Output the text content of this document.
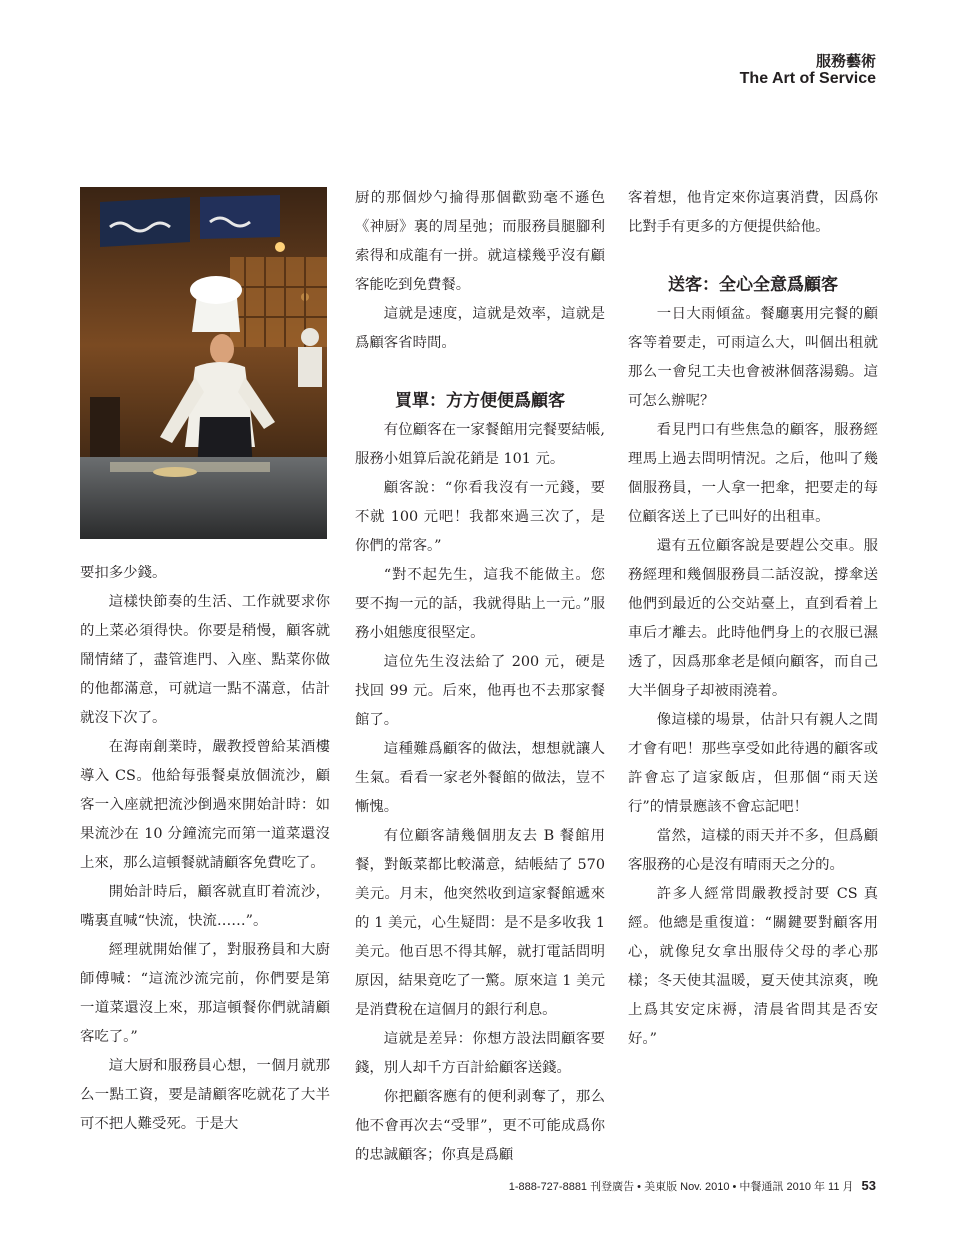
服務藝術
The Art of Service

要扣多少錢。

這樣快節奏的生活、工作就要求你的上菜必須得快。你要是稍慢，顧客就鬧情緒了，盡管進門、入座、點菜你做的他都滿意，可就這一點不滿意，估計就沒下次了。

在海南創業時，嚴教授曾給某酒樓導入 CS。他給每張餐桌放個流沙，顧客一入座就把流沙倒過來開始計時：如果流沙在 10 分鐘流完而第一道菜還沒上來，那么這頓餐就請顧客免費吃了。

開始計時后，顧客就直盯着流沙，嘴裏直喊“快流，快流……”。

經理就開始催了，對服務員和大廚師傅喊：“這流沙流完前，你們要是第一道菜還沒上來，那這頓餐你們就請顧客吃了。”

這大厨和服務員心想，一個月就那么一點工資，要是請顧客吃就花了大半可不把人難受死。于是大

厨的那個炒勺掄得那個歡勁毫不遜色《神厨》裏的周星弛；而服務員腿腳利索得和成龍有一拼。就這樣幾乎沒有顧客能吃到免費餐。

這就是速度，這就是效率，這就是爲顧客省時間。

買單：方方便便爲顧客

有位顧客在一家餐館用完餐要結帳,服務小姐算后說花銷是 101 元。

顧客說：“你看我沒有一元錢，要不就 100 元吧！我都來過三次了，是你們的常客。”

“對不起先生，這我不能做主。您要不掏一元的話，我就得貼上一元。”服務小姐態度很堅定。

這位先生沒法給了 200 元，硬是找回 99 元。后來，他再也不去那家餐館了。

這種難爲顧客的做法，想想就讓人生氣。看看一家老外餐館的做法，豈不慚愧。

有位顧客請幾個朋友去 B 餐館用餐，對飯菜都比較滿意，結帳結了 570 美元。月末，他突然收到這家餐館遞來的 1 美元，心生疑問：是不是多收我 1 美元。他百思不得其解，就打電話問明原因，結果竟吃了一驚。原來這 1 美元是消費稅在這個月的銀行利息。

這就是差异：你想方設法問顧客要錢，別人却千方百計給顧客送錢。

你把顧客應有的便利剥奪了，那么他不會再次去“受罪”，更不可能成爲你的忠誠顧客；你真是爲顧

客着想，他肯定來你這裏消費，因爲你比對手有更多的方便提供給他。

送客：全心全意爲顧客

一日大雨傾盆。餐廳裏用完餐的顧客等着要走，可雨這么大，叫個出租就那么一會兒工夫也會被淋個落湯鷄。這可怎么辦呢？

看見門口有些焦急的顧客，服務經理馬上過去問明情況。之后，他叫了幾個服務員，一人拿一把傘，把要走的每位顧客送上了已叫好的出租車。

還有五位顧客說是要趕公交車。服務經理和幾個服務員二話沒說，撐傘送他們到最近的公交站臺上，直到看着上車后才離去。此時他們身上的衣服已濕透了，因爲那傘老是傾向顧客，而自己大半個身子却被雨澆着。

像這樣的場景，估計只有親人之間才會有吧！那些享受如此待遇的顧客或許會忘了這家飯店，但那個“雨天送行”的情景應該不會忘記吧！

當然，這樣的雨天并不多，但爲顧客服務的心是沒有晴雨天之分的。

許多人經常問嚴教授討要 CS 真經。他總是重復道：“關鍵要對顧客用心，就像兒女拿出服侍父母的孝心那樣；冬天使其温暖，夏天使其涼爽，晚上爲其安定床褥，清晨省問其是否安好。”

1-888-727-8881 刊登廣告 • 美東版 Nov. 2010 • 中餐通訊 2010 年 11 月 53
